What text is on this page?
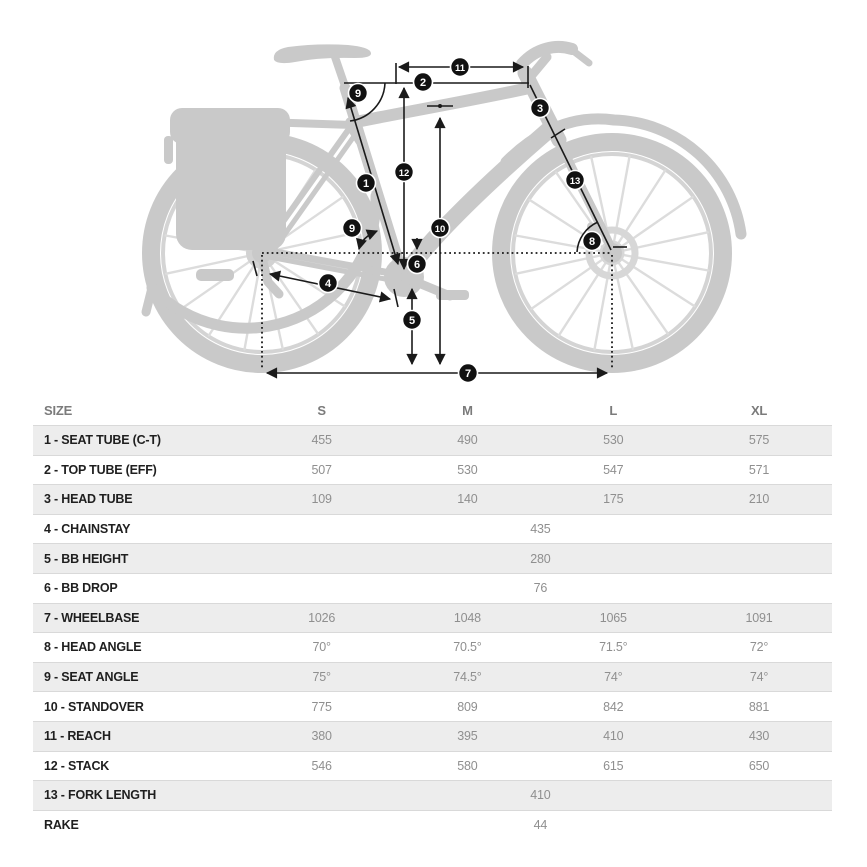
1
2
3
4
5
6
7
8
9
9	10
11
12
13
SIZE	S	M	L	XL
1 - SEAT TUBE (C-T)	455	490	530	575
2 - TOP TUBE (EFF)	507	530	547	571
3 - HEAD TUBE	109	140	175	210
4 - CHAINSTAY	435
5 - BB HEIGHT	280
6 - BB DROP	76
7 - WHEELBASE	1026	1048	1065	1091
8 - HEAD ANGLE	70°	70.5°	71.5°	72°
9 - SEAT ANGLE	75°	74.5°	74°	74°
10 - STANDOVER	775	809	842	881
11 - REACH	380	395	410	430
12 - STACK	546	580	615	650
13 - FORK LENGTH	410
RAKE	44
